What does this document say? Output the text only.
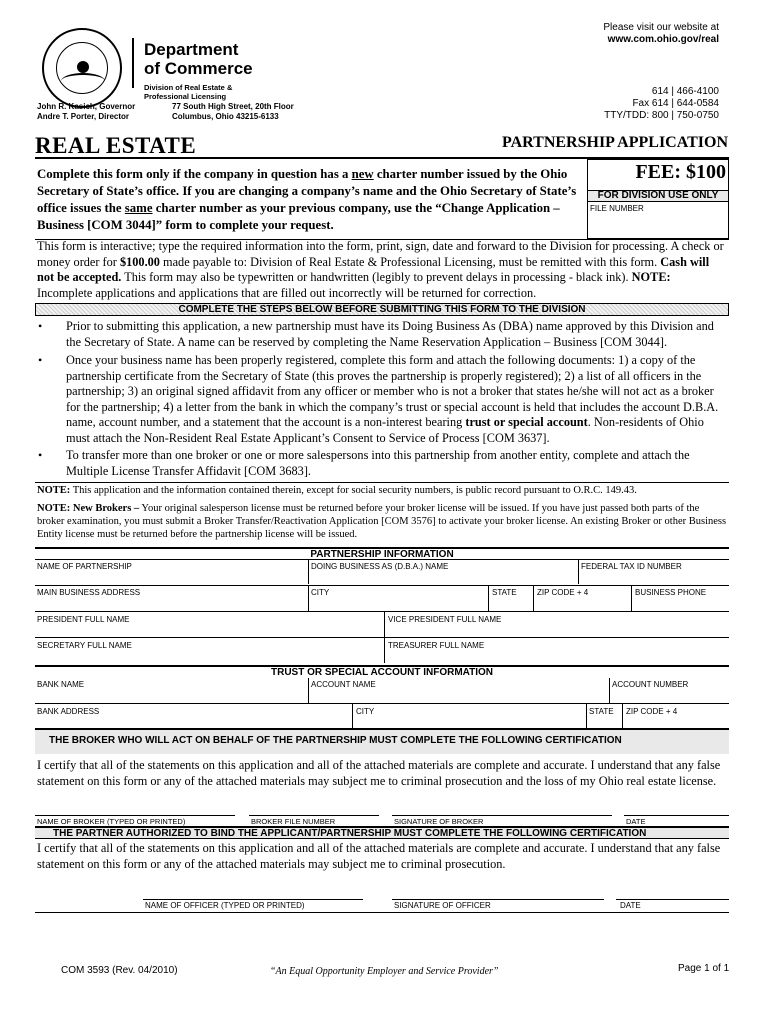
Department
of Commerce
Division of Real Estate &
Professional Licensing
John R. Kasich, Governor
Andre T. Porter, Director
77 South High Street, 20th Floor
Columbus, Ohio 43215-6133
Please visit our website at
www.com.ohio.gov/real
614 | 466-4100
Fax 614 | 644-0584
TTY/TDD: 800 | 750-0750
REAL ESTATE	PARTNERSHIP APPLICATION
Complete this form only if the company in question has a new charter number issued by the Ohio Secretary of State’s office. If you are changing a company’s name and the Ohio Secretary of State’s office issues the same charter number as your previous company, use the “Change Application – Business [COM 3044]” form to complete your request.
FEE: $100
FOR DIVISION USE ONLY
FILE NUMBER

This form is interactive; type the required information into the form, print, sign, date and forward to the Division for processing. A check or money order for $100.00 made payable to: Division of Real Estate & Professional Licensing, must be remitted with this form. Cash will not be accepted. This form may also be typewritten or handwritten (legibly to prevent delays in processing - black ink). NOTE: Incomplete applications and applications that are filled out incorrectly will be returned for correction.

COMPLETE THE STEPS BELOW BEFORE SUBMITTING THIS FORM TO THE DIVISION
• Prior to submitting this application, a new partnership must have its Doing Business As (DBA) name approved by this Division and the Secretary of State. A name can be reserved by completing the Name Reservation Application – Business [COM 3044].
• Once your business name has been properly registered, complete this form and attach the following documents: 1) a copy of the partnership certificate from the Secretary of State (this proves the partnership is properly registered); 2) a list of all officers in the partnership; 3) an original signed affidavit from any officer or member who is not a broker that states he/she will not act as a broker for the partnership; 4) a letter from the bank in which the company’s trust or special account is held that includes the account D.B.A. name, account number, and a statement that the account is a non-interest bearing trust or special account. Non-residents of Ohio must attach the Non-Resident Real Estate Applicant’s Consent to Service of Process [COM 3637].
• To transfer more than one broker or one or more salespersons into this partnership from another entity, complete and attach the Multiple License Transfer Affidavit [COM 3683].
NOTE: This application and the information contained therein, except for social security numbers, is public record pursuant to O.R.C. 149.43.
NOTE: New Brokers – Your original salesperson license must be returned before your broker license will be issued. If you have just passed both parts of the broker examination, you must submit a Broker Transfer/Reactivation Application [COM 3576] to activate your broker license. An existing Broker or other Business Entity license must be returned before the partnership license will be issued.
PARTNERSHIP INFORMATION
NAME OF PARTNERSHIP	DOING BUSINESS AS (D.B.A.) NAME	FEDERAL TAX ID NUMBER
MAIN BUSINESS ADDRESS	CITY	STATE	ZIP CODE + 4	BUSINESS PHONE
PRESIDENT FULL NAME	VICE PRESIDENT FULL NAME
SECRETARY FULL NAME	TREASURER FULL NAME
TRUST OR SPECIAL ACCOUNT INFORMATION
BANK NAME	ACCOUNT NAME	ACCOUNT NUMBER
BANK ADDRESS	CITY	STATE ZIP CODE + 4
THE BROKER WHO WILL ACT ON BEHALF OF THE PARTNERSHIP MUST COMPLETE THE FOLLOWING CERTIFICATION
I certify that all of the statements on this application and all of the attached materials are complete and accurate. I understand that any false statement on this form or any of the attached materials may subject me to criminal prosecution and the loss of my Ohio real estate license.
NAME OF BROKER (TYPED OR PRINTED)	BROKER FILE NUMBER	SIGNATURE OF BROKER	DATE
THE PARTNER AUTHORIZED TO BIND THE APPLICANT/PARTNERSHIP MUST COMPLETE THE FOLLOWING CERTIFICATION
I certify that all of the statements on this application and all of the attached materials are complete and accurate. I understand that any false statement on this form or any of the attached materials may subject me to criminal prosecution.
NAME OF OFFICER (TYPED OR PRINTED)	SIGNATURE OF OFFICER	DATE
COM 3593 (Rev. 04/2010)	“An Equal Opportunity Employer and Service Provider”	Page 1 of 1
